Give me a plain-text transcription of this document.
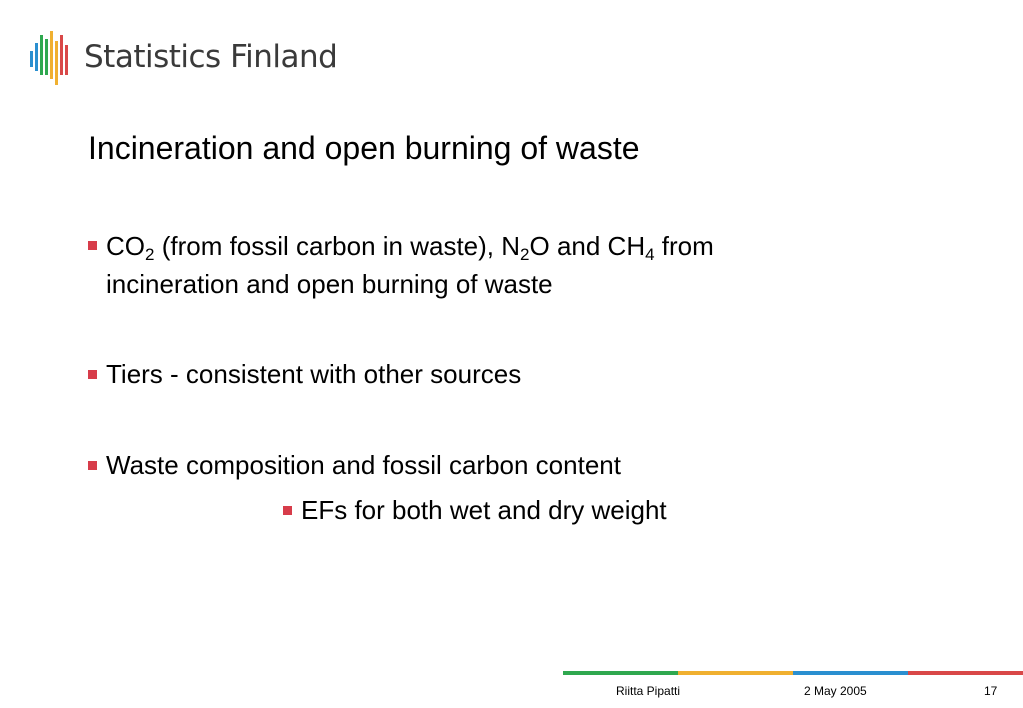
Statistics Finland
Incineration and open burning of waste
$CO_2$ (from fossil carbon in waste), $N_2O$ and $CH_4$ from
incineration and open burning of waste
Tiers - consistent with other sources
Waste composition and fossil carbon content
EFs for both wet and dry weight
Riitta Pipatti	2 May 2005	17
